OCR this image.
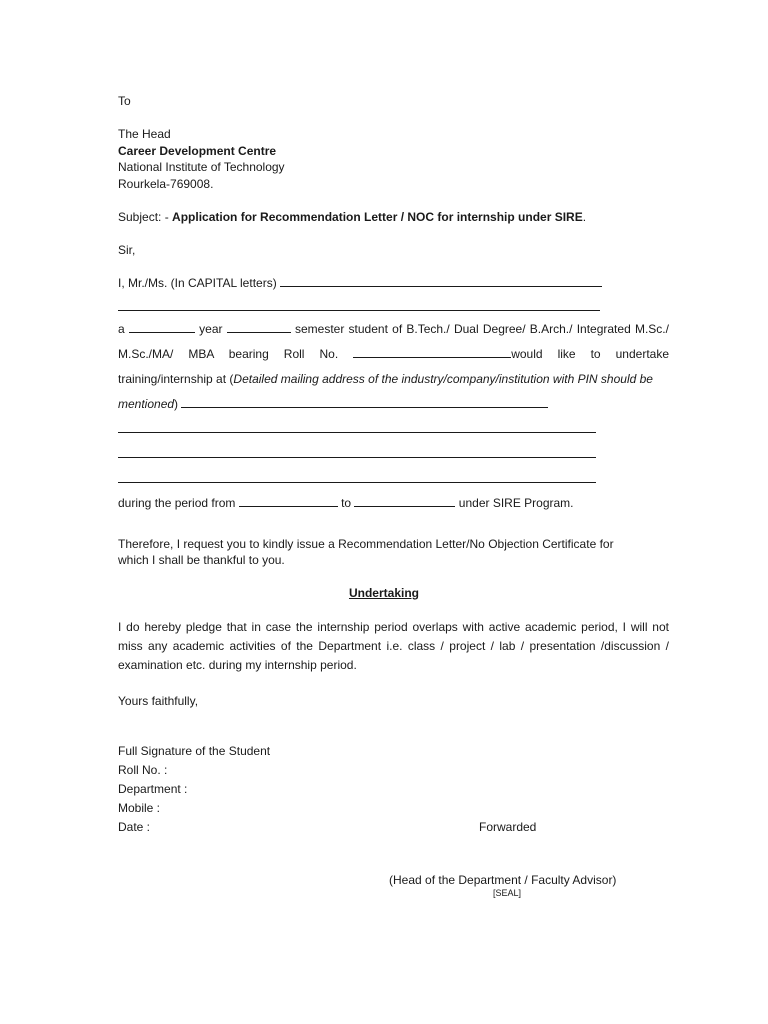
To
The Head
Career Development Centre
National Institute of Technology
Rourkela-769008.
Subject: - Application for Recommendation Letter / NOC for internship under SIRE.
Sir,
I, Mr./Ms. (In CAPITAL letters)
a	year	semester student of B.Tech./ Dual Degree/ B.Arch./ Integrated M.Sc./
M.Sc./MA/ MBA bearing Roll No.	would like to undertake
training/internship at (Detailed mailing address of the industry/company/institution with PIN should be
mentioned)
during the period from	to	under SIRE Program.
Therefore, I request you to kindly issue a Recommendation Letter/No Objection Certificate for
which I shall be thankful to you.
Undertaking
I do hereby pledge that in case the internship period overlaps with active academic period, I will not
miss any academic activities of the Department i.e. class / project / lab / presentation /discussion /
examination etc. during my internship period.
Yours faithfully,
Full Signature of the Student
Roll No. :
Department :
Mobile :
Date :	Forwarded
(Head of the Department / Faculty Advisor)
[SEAL]
